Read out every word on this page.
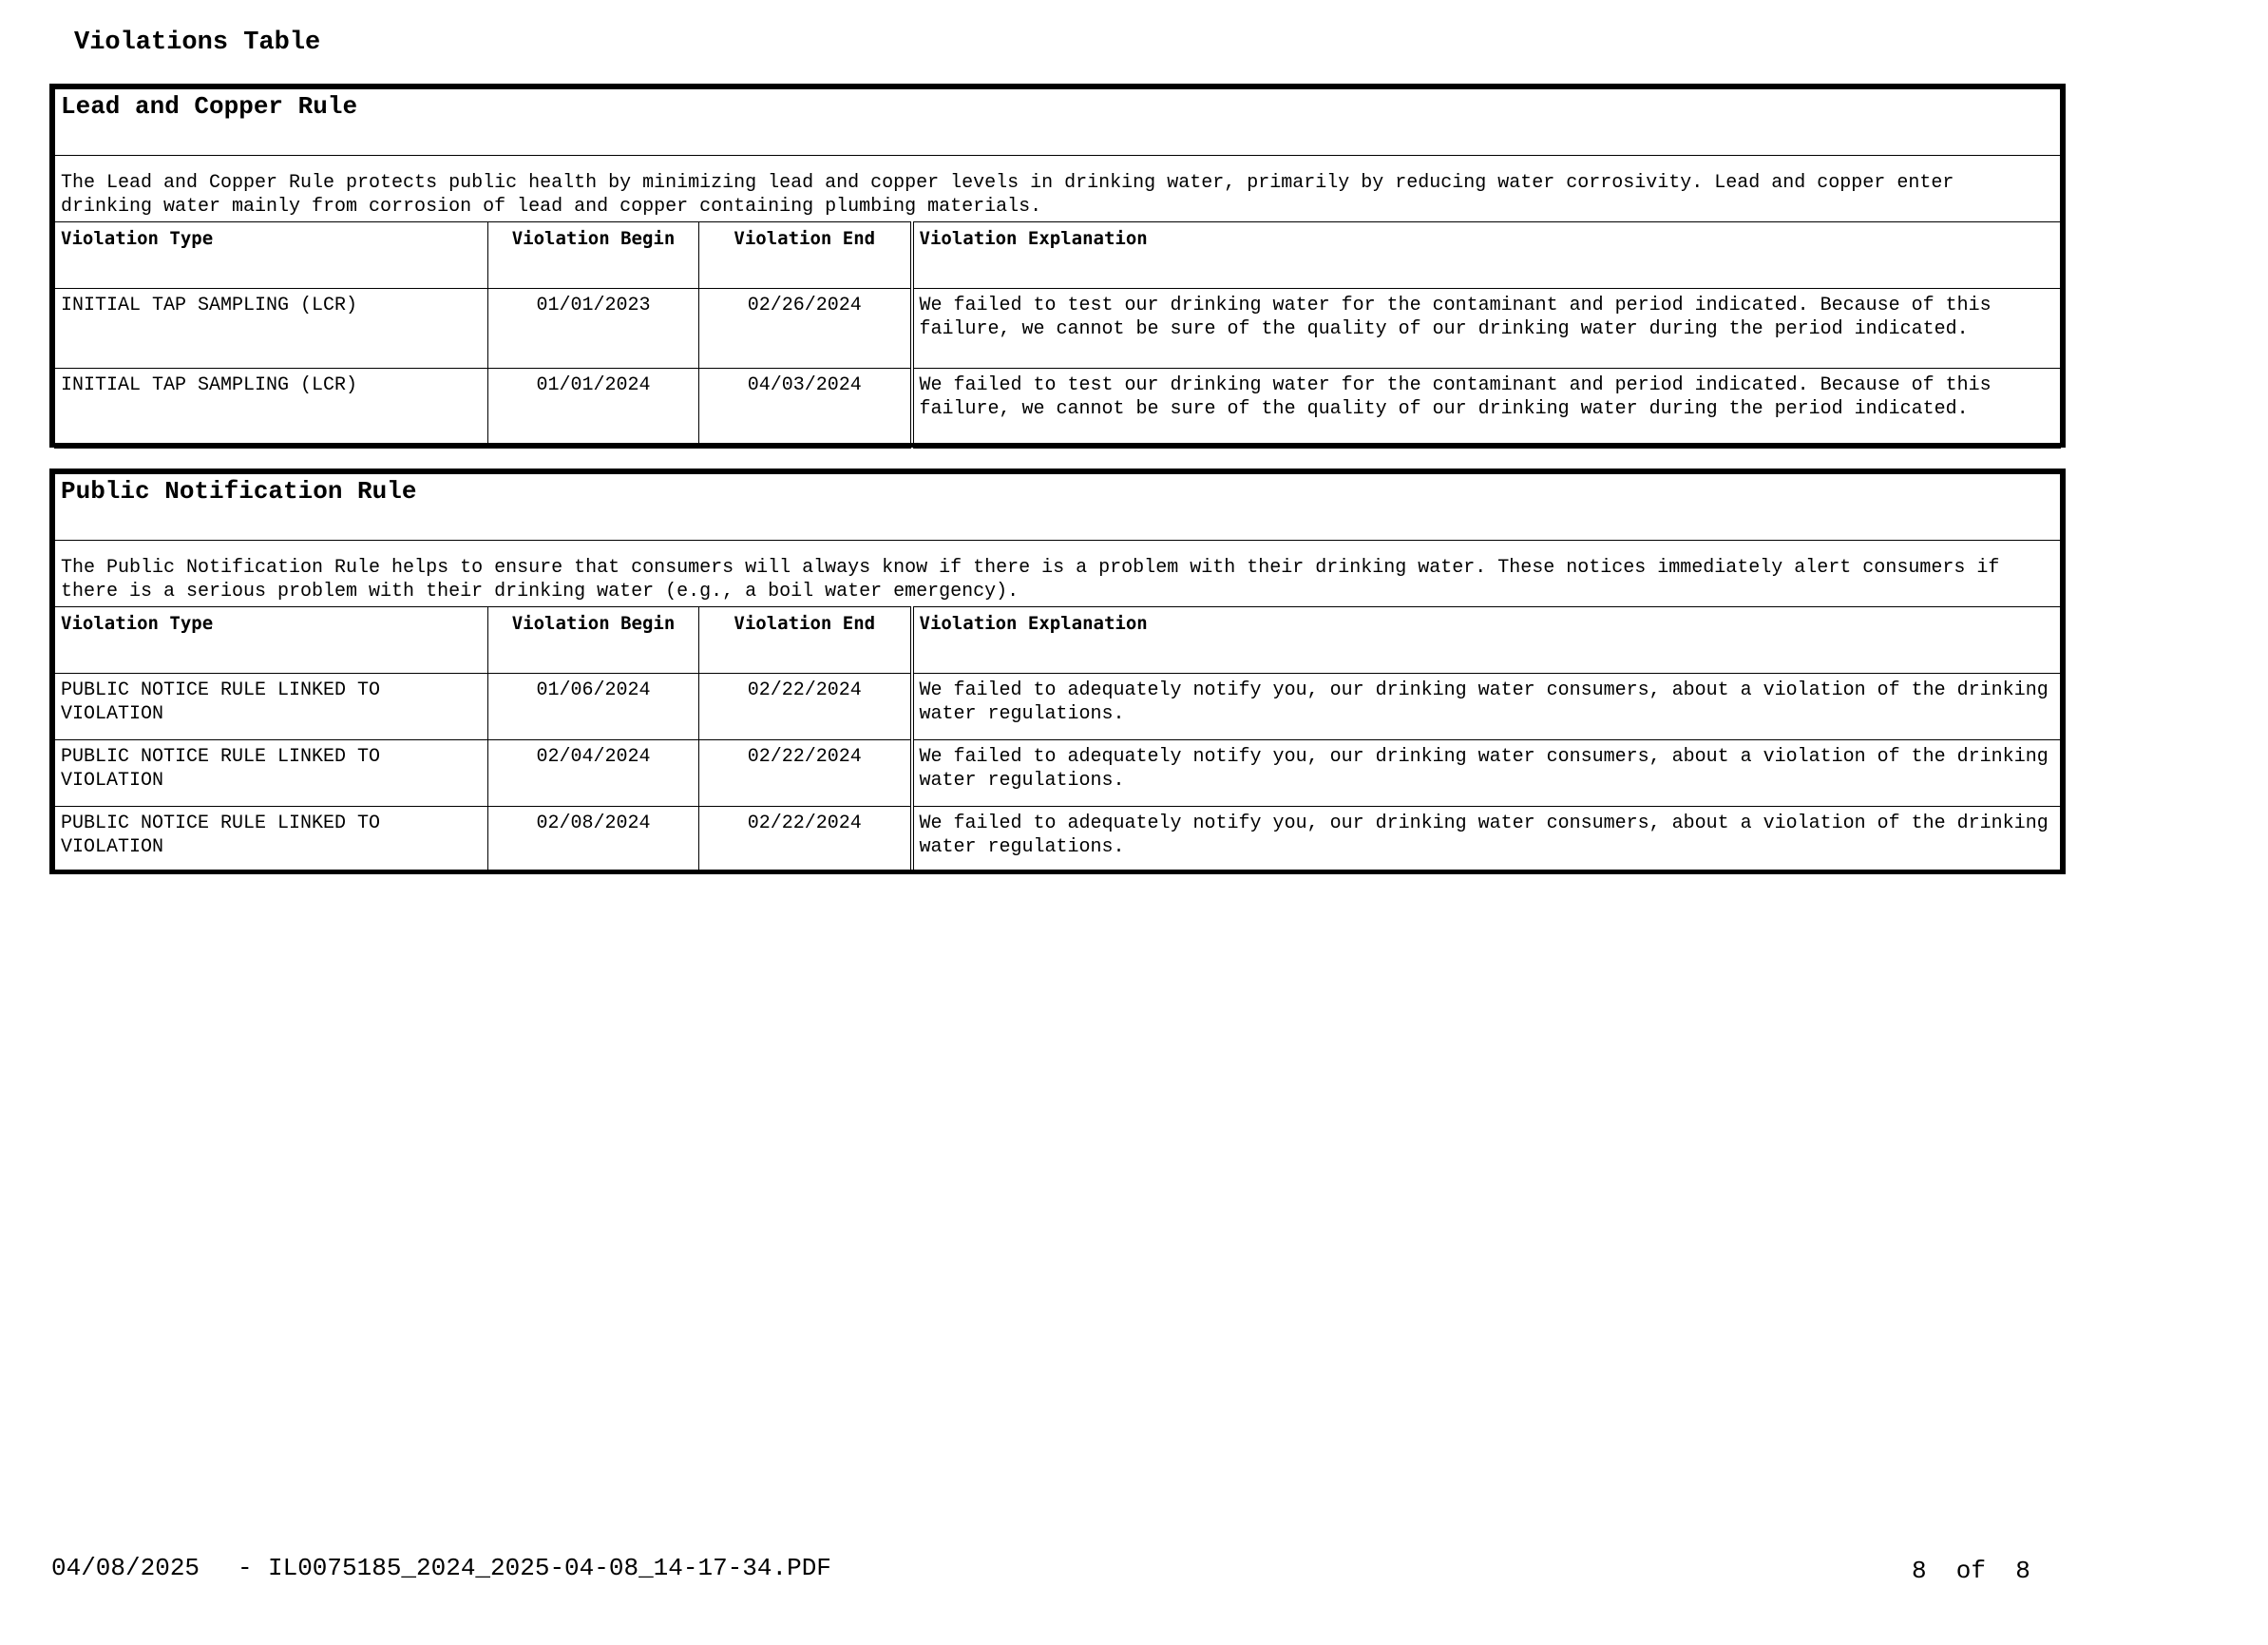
Violations Table
Lead and Copper Rule			
The Lead and Copper Rule protects public health by minimizing lead and copper levels in drinking water, primarily by reducing water corrosivity. Lead and copper enter drinking water mainly from corrosion of lead and copper containing plumbing materials.			
Violation Type	Violation Begin	Violation End	Violation Explanation
INITIAL TAP SAMPLING (LCR)	01/01/2023	02/26/2024	We failed to test our drinking water for the contaminant and period indicated. Because of this failure, we cannot be sure of the quality of our drinking water during the period indicated.
INITIAL TAP SAMPLING (LCR)	01/01/2024	04/03/2024	We failed to test our drinking water for the contaminant and period indicated. Because of this failure, we cannot be sure of the quality of our drinking water during the period indicated.
Public Notification Rule			
The Public Notification Rule helps to ensure that consumers will always know if there is a problem with their drinking water. These notices immediately alert consumers if there is a serious problem with their drinking water (e.g., a boil water emergency).			
Violation Type	Violation Begin	Violation End	Violation Explanation
PUBLIC NOTICE RULE LINKED TO VIOLATION	01/06/2024	02/22/2024	We failed to adequately notify you, our drinking water consumers, about a violation of the drinking water regulations.
PUBLIC NOTICE RULE LINKED TO VIOLATION	02/04/2024	02/22/2024	We failed to adequately notify you, our drinking water consumers, about a violation of the drinking water regulations.
PUBLIC NOTICE RULE LINKED TO VIOLATION	02/08/2024	02/22/2024	We failed to adequately notify you, our drinking water consumers, about a violation of the drinking water regulations.
04/08/2025 - IL0075185_2024_2025-04-08_14-17-34.PDF	8  of  8
